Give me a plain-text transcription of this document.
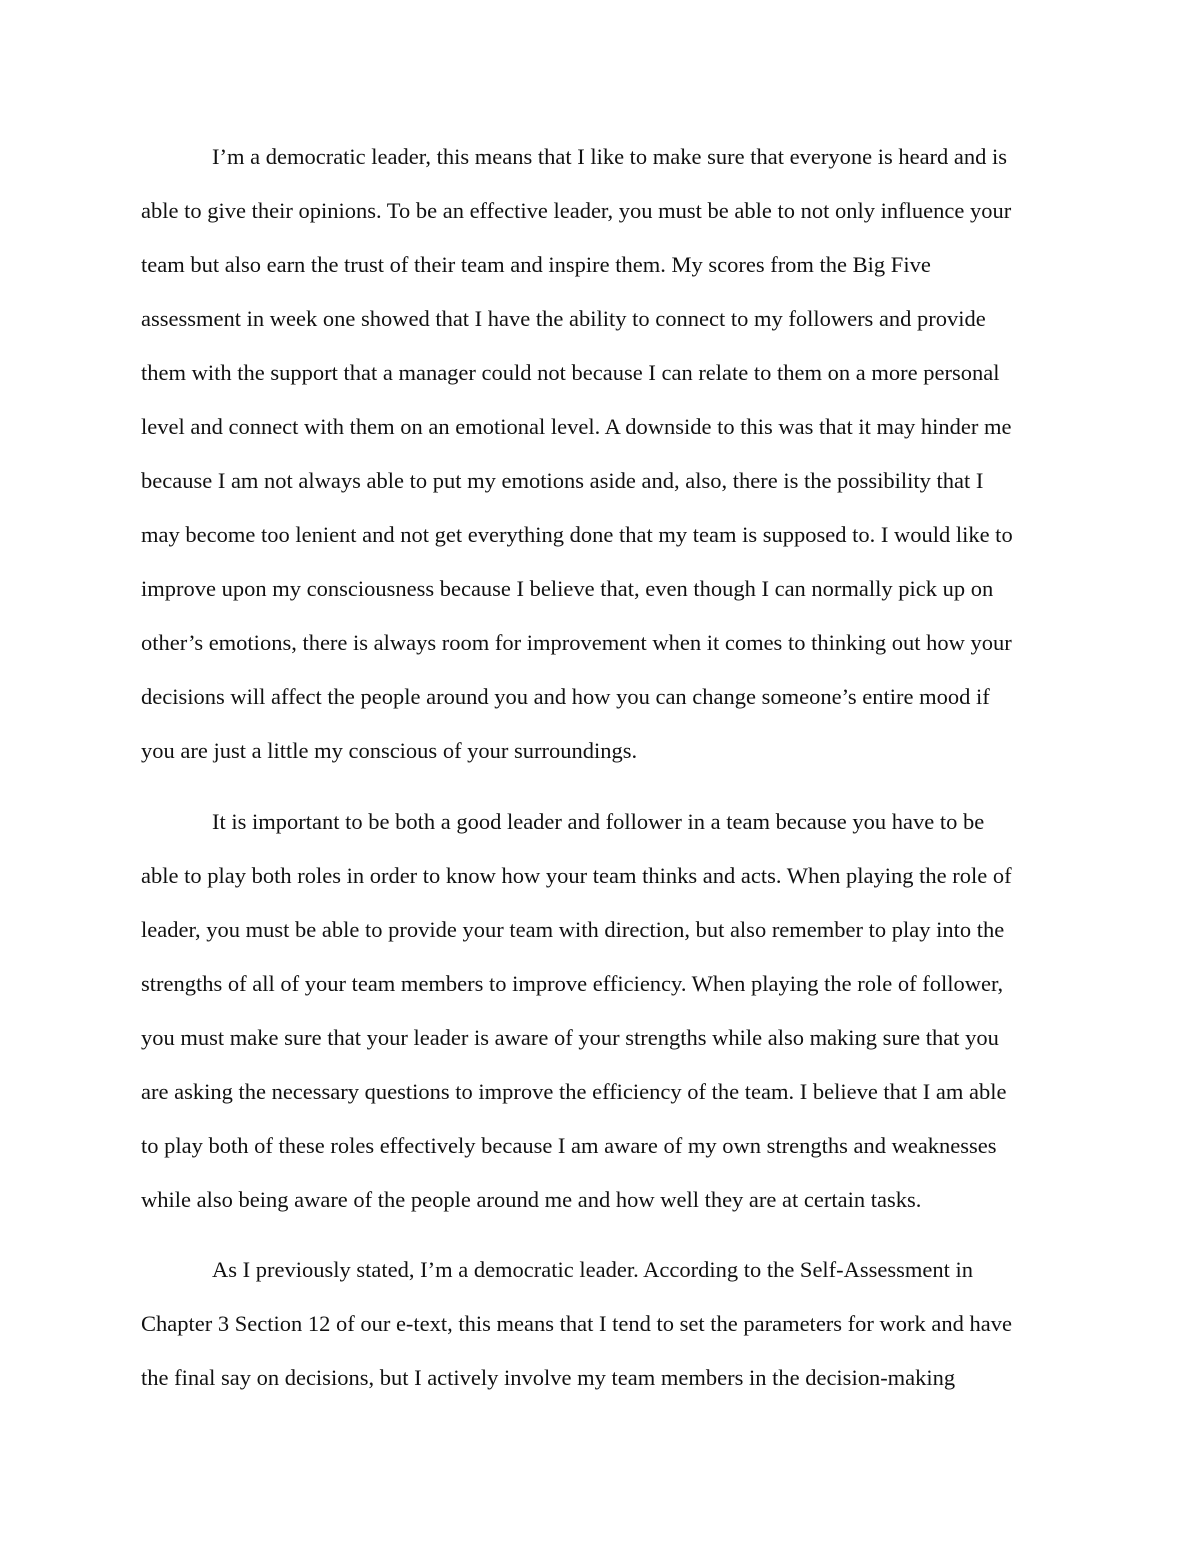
I’m a democratic leader, this means that I like to make sure that everyone is heard and is

able to give their opinions. To be an effective leader, you must be able to not only influence your

team but also earn the trust of their team and inspire them. My scores from the Big Five

assessment in week one showed that I have the ability to connect to my followers and provide

them with the support that a manager could not because I can relate to them on a more personal

level and connect with them on an emotional level. A downside to this was that it may hinder me

because I am not always able to put my emotions aside and, also, there is the possibility that I

may become too lenient and not get everything done that my team is supposed to. I would like to

improve upon my consciousness because I believe that, even though I can normally pick up on

other’s emotions, there is always room for improvement when it comes to thinking out how your

decisions will affect the people around you and how you can change someone’s entire mood if

you are just a little my conscious of your surroundings.

It is important to be both a good leader and follower in a team because you have to be

able to play both roles in order to know how your team thinks and acts. When playing the role of

leader, you must be able to provide your team with direction, but also remember to play into the

strengths of all of your team members to improve efficiency. When playing the role of follower,

you must make sure that your leader is aware of your strengths while also making sure that you

are asking the necessary questions to improve the efficiency of the team. I believe that I am able

to play both of these roles effectively because I am aware of my own strengths and weaknesses

while also being aware of the people around me and how well they are at certain tasks.

As I previously stated, I’m a democratic leader. According to the Self-Assessment in

Chapter 3 Section 12 of our e-text, this means that I tend to set the parameters for work and have

the final say on decisions, but I actively involve my team members in the decision-making
